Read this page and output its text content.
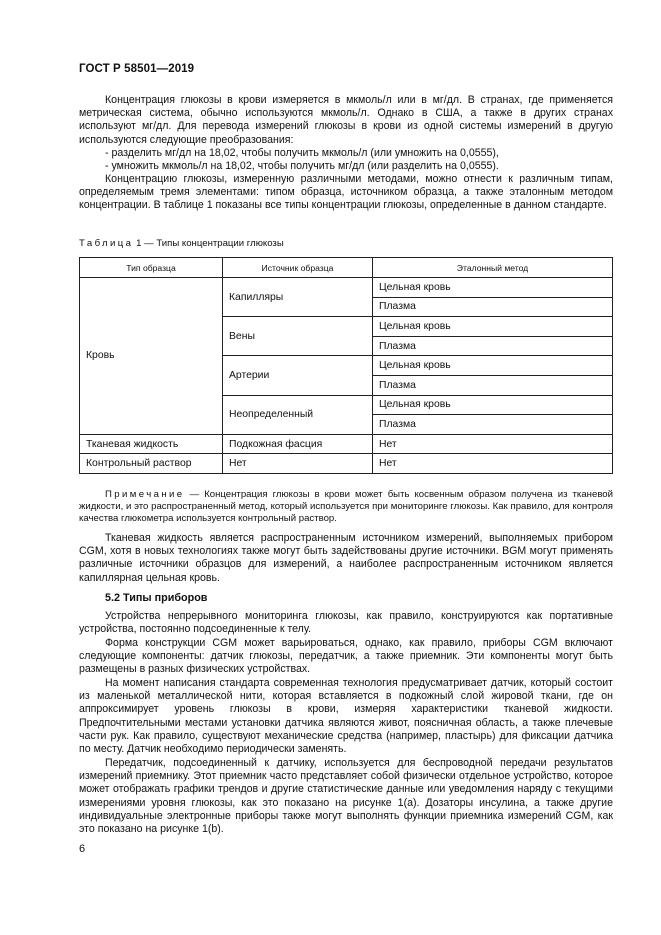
ГОСТ Р 58501—2019

Концентрация глюкозы в крови измеряется в мкмоль/л или в мг/дл. В странах, где применяется метрическая система, обычно используются мкмоль/л. Однако в США, а также в других странах используют мг/дл. Для перевода измерений глюкозы в крови из одной системы измерений в другую используются следующие преобразования:

- разделить мг/дл на 18,02, чтобы получить мкмоль/л (или умножить на 0,0555),

- умножить мкмоль/л на 18,02, чтобы получить мг/дл (или разделить на 0,0555).

Концентрацию глюкозы, измеренную различными методами, можно отнести к различным типам, определяемым тремя элементами: типом образца, источником образца, а также эталонным методом концентрации. В таблице 1 показаны все типы концентрации глюкозы, определенные в данном стандарте.

Таблица 1 — Типы концентрации глюкозы
Тип образца	Источник образца	Эталонный метод
Кровь	Капилляры	Цельная кровь
		Плазма
	Вены	Цельная кровь
		Плазма
	Артерии	Цельная кровь
		Плазма
	Неопределенный	Цельная кровь
		Плазма
Тканевая жидкость	Подкожная фасция	Нет
Контрольный раствор	Нет	Нет

Примечание — Концентрация глюкозы в крови может быть косвенным образом получена из тканевой жидкости, и это распространенный метод, который используется при мониторинге глюкозы. Как правило, для контроля качества глюкометра используется контрольный раствор.

Тканевая жидкость является распространенным источником измерений, выполняемых прибором CGM, хотя в новых технологиях также могут быть задействованы другие источники. BGM могут применять различные источники образцов для измерений, а наиболее распространенным источником является капиллярная цельная кровь.

5.2 Типы приборов

Устройства непрерывного мониторинга глюкозы, как правило, конструируются как портативные устройства, постоянно подсоединенные к телу.

Форма конструкции CGM может варьироваться, однако, как правило, приборы CGM включают следующие компоненты: датчик глюкозы, передатчик, а также приемник. Эти компоненты могут быть размещены в разных физических устройствах.

На момент написания стандарта современная технология предусматривает датчик, который состоит из маленькой металлической нити, которая вставляется в подкожный слой жировой ткани, где он аппроксимирует уровень глюкозы в крови, измеряя характеристики тканевой жидкости. Предпочтительными местами установки датчика являются живот, поясничная область, а также плечевые части рук. Как правило, существуют механические средства (например, пластырь) для фиксации датчика по месту. Датчик необходимо периодически заменять.

Передатчик, подсоединенный к датчику, используется для беспроводной передачи результатов измерений приемнику. Этот приемник часто представляет собой физически отдельное устройство, которое может отображать графики трендов и другие статистические данные или уведомления наряду с текущими измерениями уровня глюкозы, как это показано на рисунке 1(а). Дозаторы инсулина, а также другие индивидуальные электронные приборы также могут выполнять функции приемника измерений CGM, как это показано на рисунке 1(b).

6
